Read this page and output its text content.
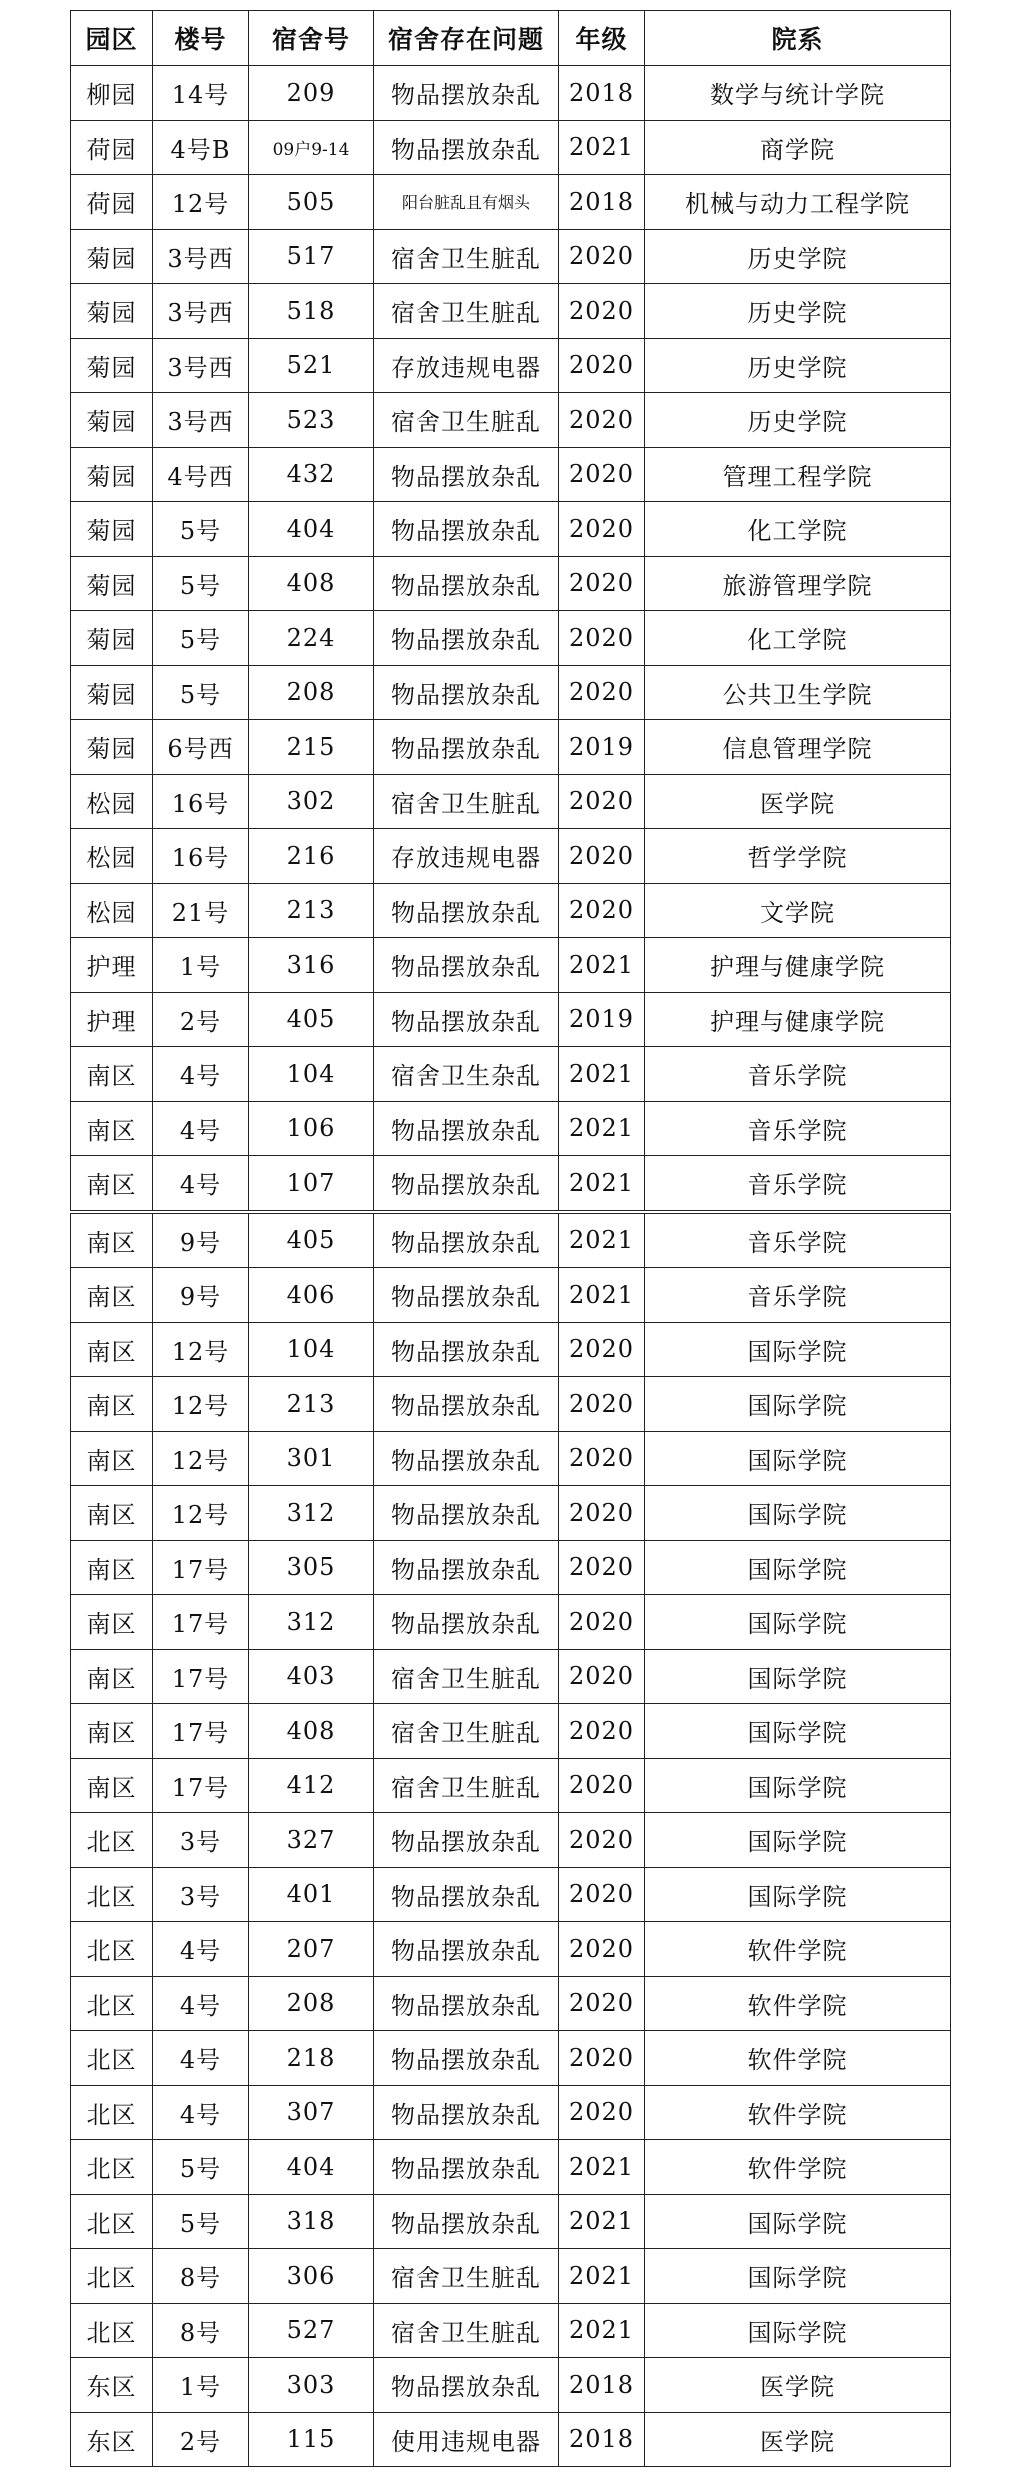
园区	楼号	宿舍号	宿舍存在问题	年级	院系
柳园	14号	209	物品摆放杂乱	2018	数学与统计学院
荷园	4号B	09户9-14	物品摆放杂乱	2021	商学院
荷园	12号	505	阳台脏乱且有烟头	2018	机械与动力工程学院
菊园	3号西	517	宿舍卫生脏乱	2020	历史学院
菊园	3号西	518	宿舍卫生脏乱	2020	历史学院
菊园	3号西	521	存放违规电器	2020	历史学院
菊园	3号西	523	宿舍卫生脏乱	2020	历史学院
菊园	4号西	432	物品摆放杂乱	2020	管理工程学院
菊园	5号	404	物品摆放杂乱	2020	化工学院
菊园	5号	408	物品摆放杂乱	2020	旅游管理学院
菊园	5号	224	物品摆放杂乱	2020	化工学院
菊园	5号	208	物品摆放杂乱	2020	公共卫生学院
菊园	6号西	215	物品摆放杂乱	2019	信息管理学院
松园	16号	302	宿舍卫生脏乱	2020	医学院
松园	16号	216	存放违规电器	2020	哲学学院
松园	21号	213	物品摆放杂乱	2020	文学院
护理	1号	316	物品摆放杂乱	2021	护理与健康学院
护理	2号	405	物品摆放杂乱	2019	护理与健康学院
南区	4号	104	宿舍卫生杂乱	2021	音乐学院
南区	4号	106	物品摆放杂乱	2021	音乐学院
南区	4号	107	物品摆放杂乱	2021	音乐学院
南区	9号	405	物品摆放杂乱	2021	音乐学院
南区	9号	406	物品摆放杂乱	2021	音乐学院
南区	12号	104	物品摆放杂乱	2020	国际学院
南区	12号	213	物品摆放杂乱	2020	国际学院
南区	12号	301	物品摆放杂乱	2020	国际学院
南区	12号	312	物品摆放杂乱	2020	国际学院
南区	17号	305	物品摆放杂乱	2020	国际学院
南区	17号	312	物品摆放杂乱	2020	国际学院
南区	17号	403	宿舍卫生脏乱	2020	国际学院
南区	17号	408	宿舍卫生脏乱	2020	国际学院
南区	17号	412	宿舍卫生脏乱	2020	国际学院
北区	3号	327	物品摆放杂乱	2020	国际学院
北区	3号	401	物品摆放杂乱	2020	国际学院
北区	4号	207	物品摆放杂乱	2020	软件学院
北区	4号	208	物品摆放杂乱	2020	软件学院
北区	4号	218	物品摆放杂乱	2020	软件学院
北区	4号	307	物品摆放杂乱	2020	软件学院
北区	5号	404	物品摆放杂乱	2021	软件学院
北区	5号	318	物品摆放杂乱	2021	国际学院
北区	8号	306	宿舍卫生脏乱	2021	国际学院
北区	8号	527	宿舍卫生脏乱	2021	国际学院
东区	1号	303	物品摆放杂乱	2018	医学院
东区	2号	115	使用违规电器	2018	医学院
